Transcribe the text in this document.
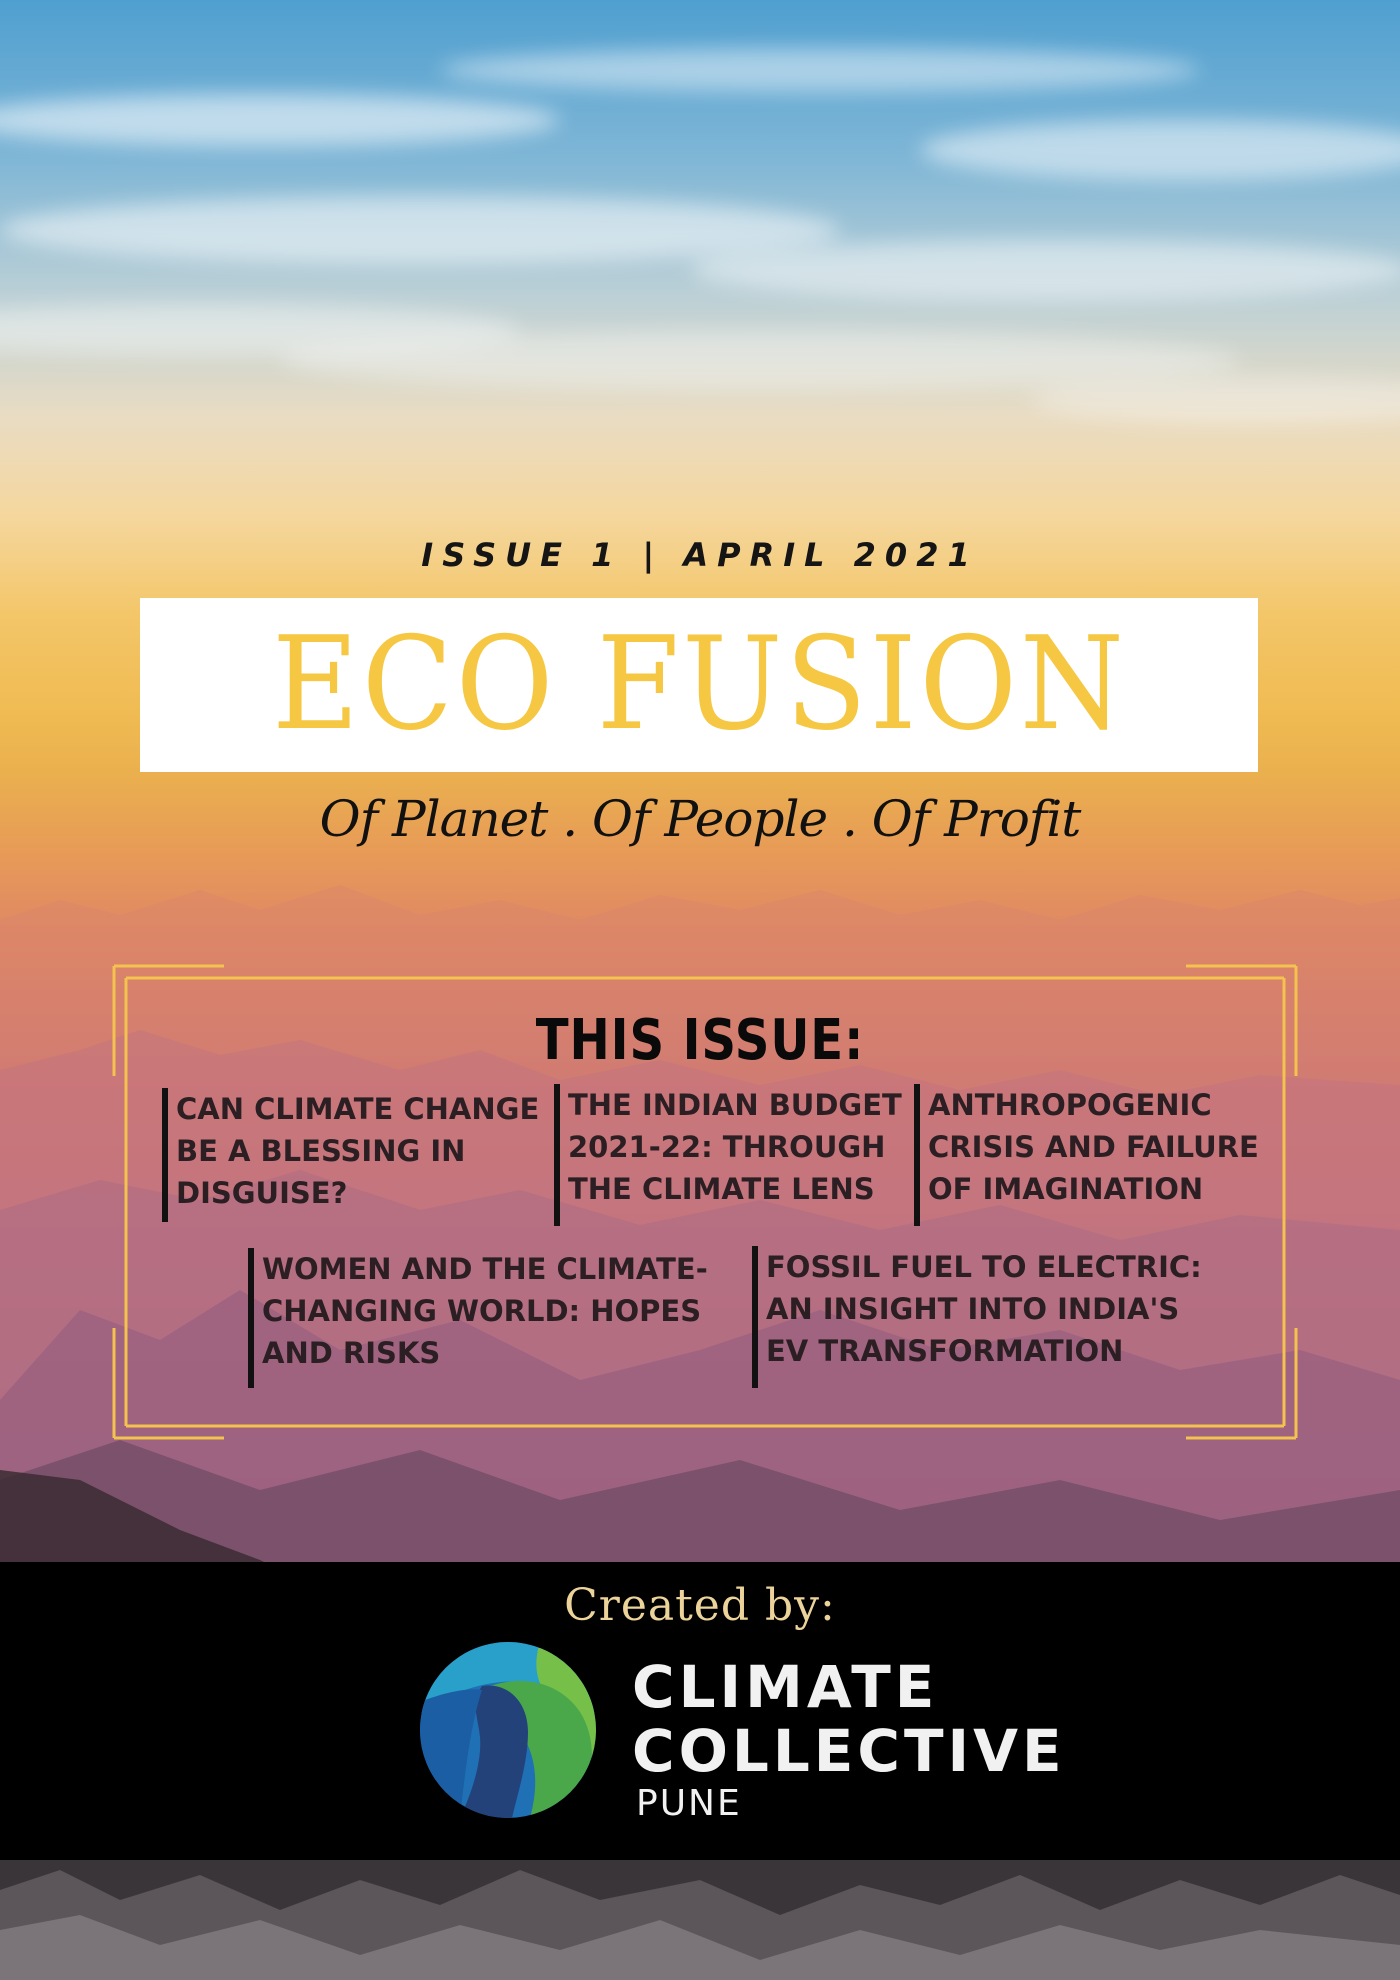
ISSUE 1 | APRIL 2021
ECO FUSION
Of Planet . Of People . Of Profit
THIS ISSUE:
CAN CLIMATE CHANGE BE A BLESSING IN DISGUISE?
THE INDIAN BUDGET 2021-22: THROUGH THE CLIMATE LENS
ANTHROPOGENIC CRISIS AND FAILURE OF IMAGINATION
WOMEN AND THE CLIMATE-CHANGING WORLD: HOPES AND RISKS
FOSSIL FUEL TO ELECTRIC: AN INSIGHT INTO INDIA'S EV TRANSFORMATION
Created by:
CLIMATE
COLLECTIVE
PUNE
